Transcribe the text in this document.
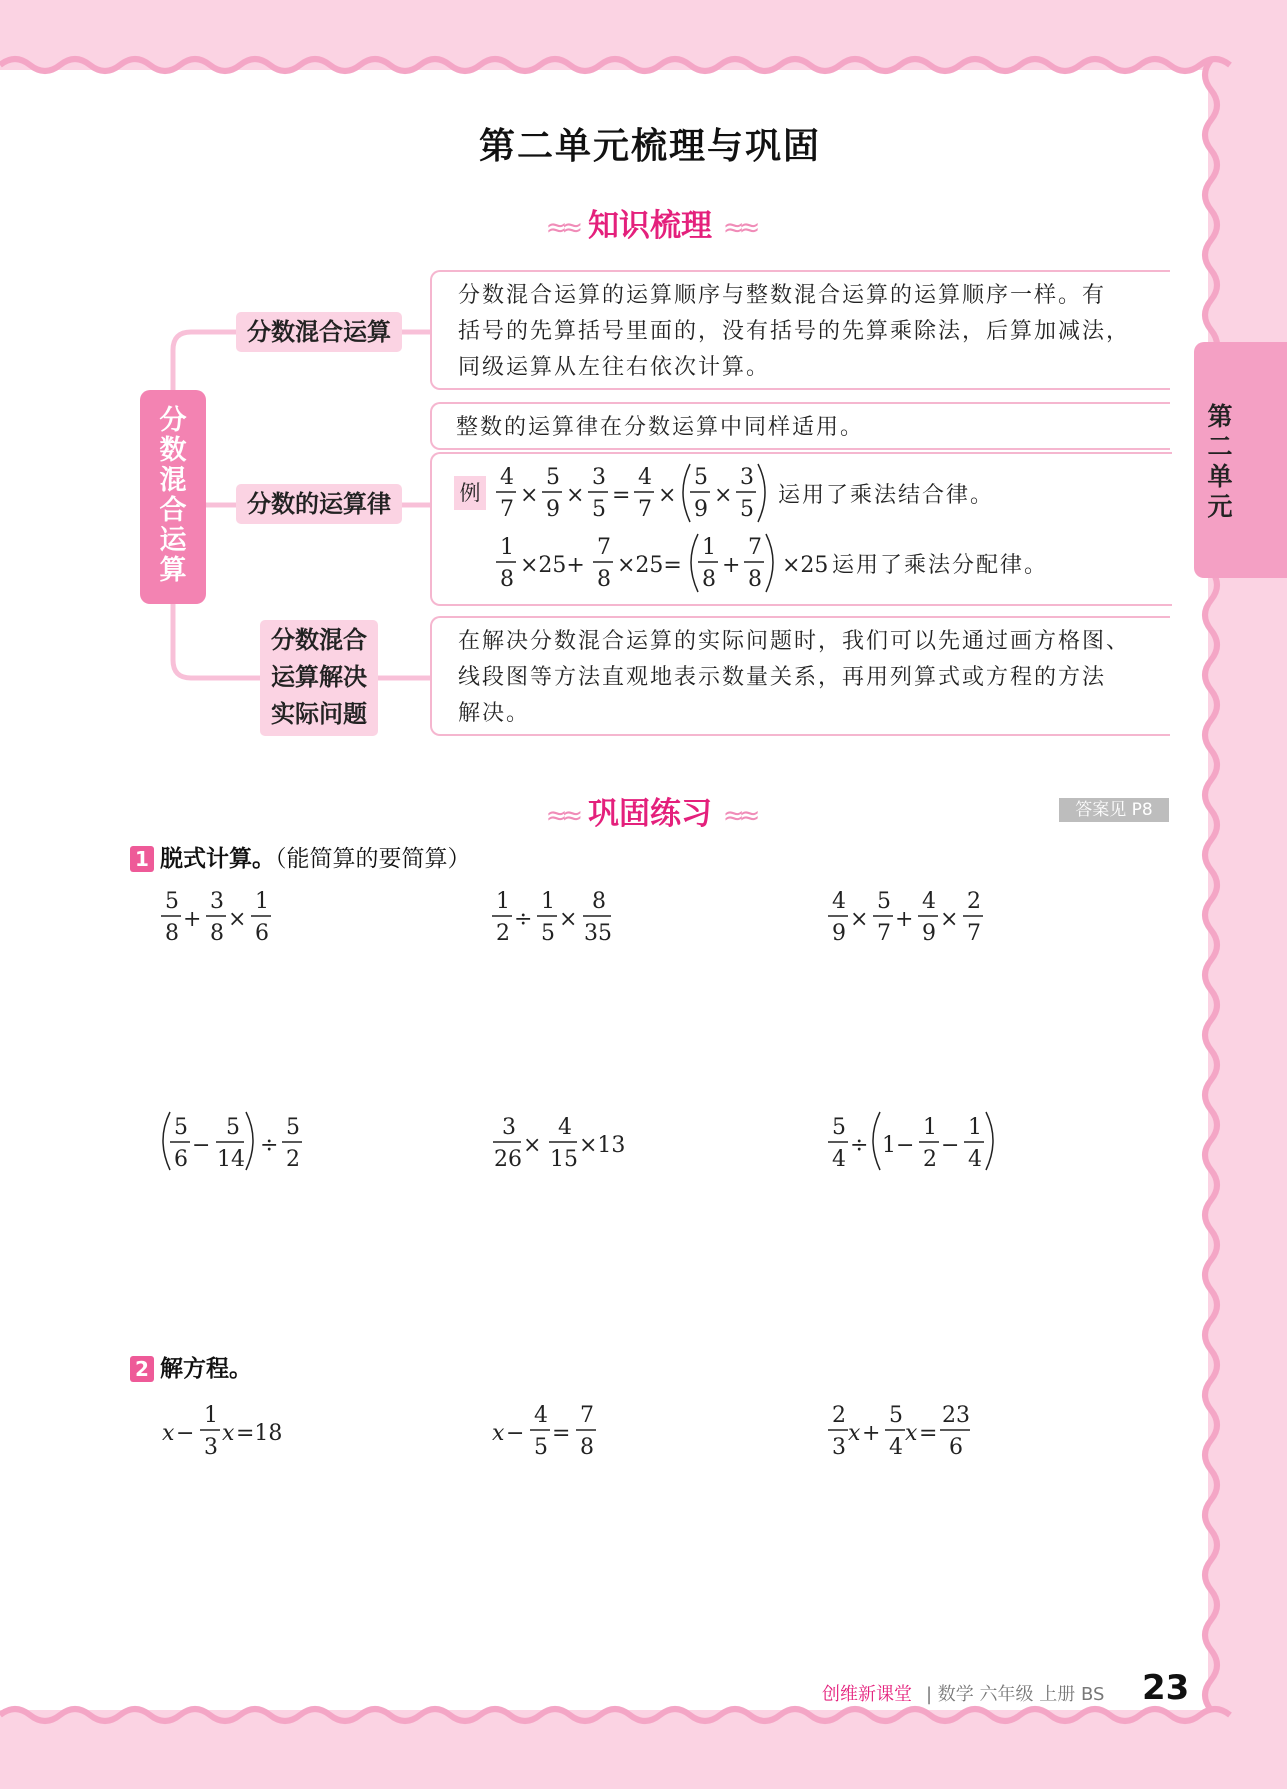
第二单元梳理与巩固
第二单元
≈≈ 知识梳理 ≈≈
分数混合运算
分数混合运算
分数的运算律
分数混合
运算解决
实际问题

分数混合运算的运算顺序与整数混合运算的运算顺序一样。有

括号的先算括号里面的，没有括号的先算乘除法，后算加减法，

同级运算从左往右依次计算。

整数的运算律在分数运算中同样适用。

例
4
7
×
5
9
×
3
5
=
4
7
×
5
9
×
3
5
运用了乘法结合律。
1
8
×25+
7
8
×25=
1
8
+
7
8
×25 运用了乘法分配律。

在解决分数混合运算的实际问题时，我们可以先通过画方格图、

线段图等方法直观地表示数量关系，再用列算式或方程的方法

解决。

≈≈ 巩固练习 ≈≈	答案见 P8
1 脱式计算。（能简算的要简算）
5
8
+
3
8
×
1
6
1
2
÷
1
5
×
8
35
4
9
×
5
7
+
4
9
×
2
7
5
6
−
5
14
÷
5
2
3
26
×
4
15
×13
5
4
÷ 1−
1
2
−
1
4
2 解方程。
x −
1
3
x =18	x −
4
5
=
7
8
2
3
x +
5
4
x =
23
6
创维新课堂 | 数学 六年级 上册 BS 23
